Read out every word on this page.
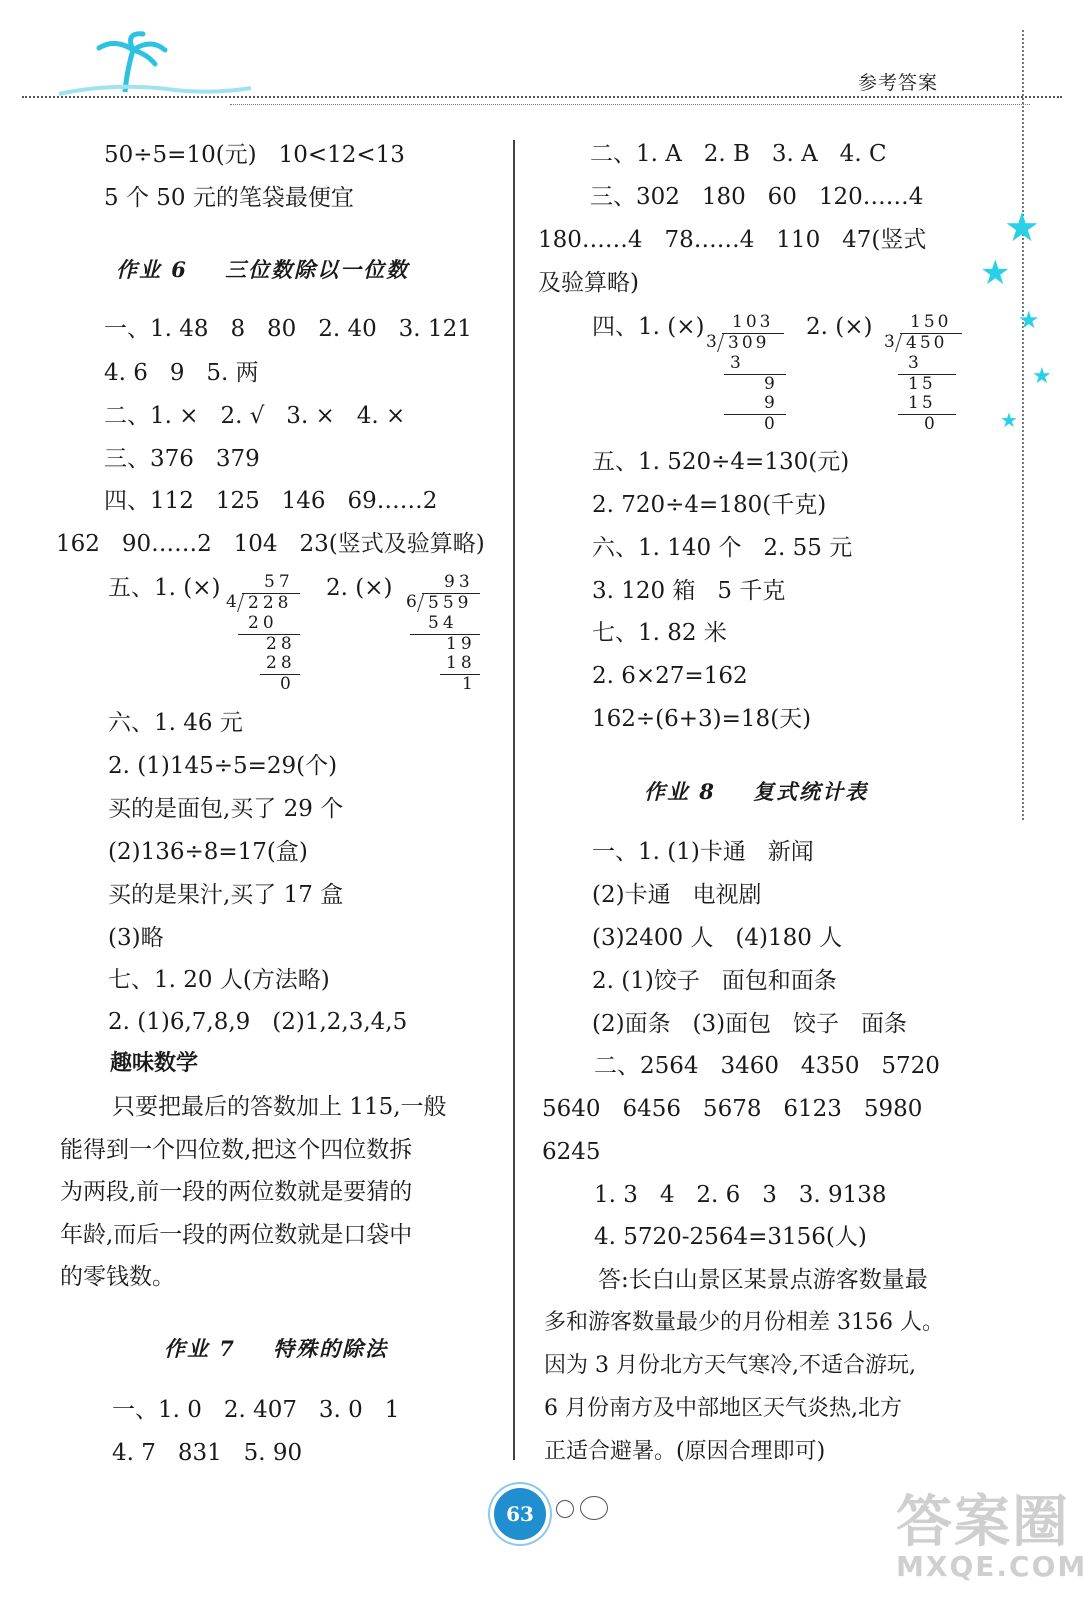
参考答案
50÷5=10(元)   10<12<13
5 个 50 元的笔袋最便宜
作业 6    三位数除以一位数
一、1. 48   8   80   2. 40   3. 121
4. 6   9   5. 两
二、1. ×   2. √   3. ×   4. ×
三、376   379
四、112   125   146   69……2
162   90……2   104   23(竖式及验算略)
五、1. (×)	2. (×)
57
4 228
20
28
28
0
93
6 559
54
19
18
1
六、1. 46 元
2. (1)145÷5=29(个)
买的是面包,买了 29 个
(2)136÷8=17(盒)
买的是果汁,买了 17 盒
(3)略
七、1. 20 人(方法略)
2. (1)6,7,8,9   (2)1,2,3,4,5
趣味数学
只要把最后的答数加上 115,一般
能得到一个四位数,把这个四位数拆
为两段,前一段的两位数就是要猜的
年龄,而后一段的两位数就是口袋中
的零钱数。
作业 7    特殊的除法
一、1. 0   2. 407   3. 0   1
4. 7   831   5. 90
二、1. A   2. B   3. A   4. C
三、302   180   60   120……4
180……4   78……4   110   47(竖式
及验算略)
四、1. (×)	2. (×)
103
3 309
3
9
9
0
150
3 450
3
15
15
0
五、1. 520÷4=130(元)
2. 720÷4=180(千克)
六、1. 140 个   2. 55 元
3. 120 箱   5 千克
七、1. 82 米
2. 6×27=162
162÷(6+3)=18(天)
作业 8    复式统计表
一、1. (1)卡通   新闻
(2)卡通   电视剧
(3)2400 人   (4)180 人
2. (1)饺子   面包和面条
(2)面条   (3)面包   饺子   面条
二、2564   3460   4350   5720
5640   6456   5678   6123   5980
6245
1. 3   4   2. 6   3   3. 9138
4. 5720-2564=3156(人)
答:长白山景区某景点游客数量最
多和游客数量最少的月份相差 3156 人。
因为 3 月份北方天气寒冷,不适合游玩,
6 月份南方及中部地区天气炎热,北方
正适合避暑。(原因合理即可)
★
★
★
★
★
63	答案圈
MXQE.COM
